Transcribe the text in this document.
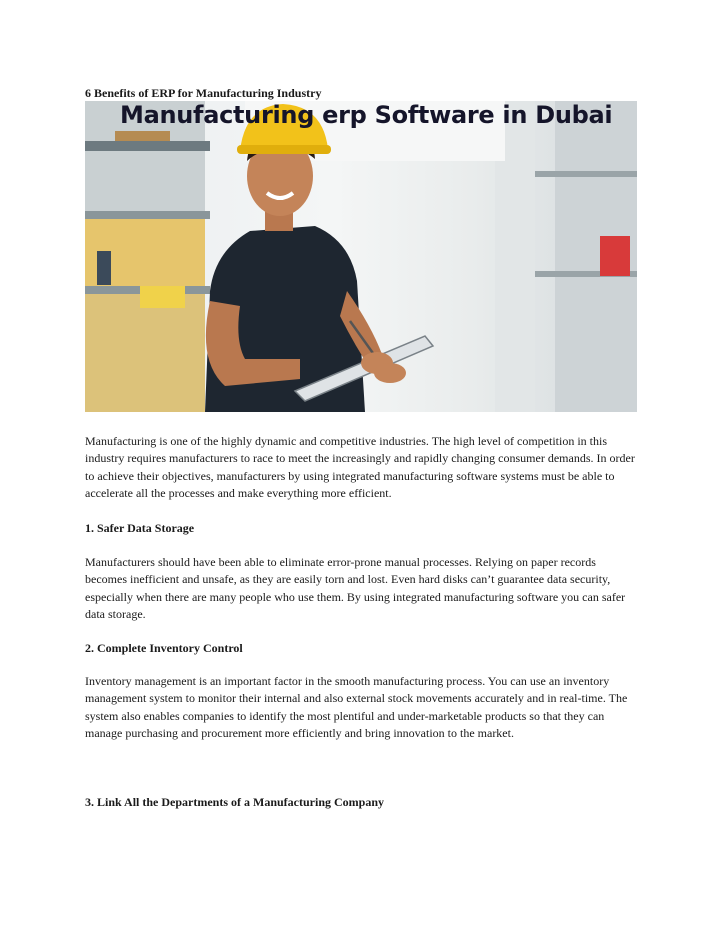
6 Benefits of ERP for Manufacturing Industry
Manufacturing erp Software in Dubai

Manufacturing is one of the highly dynamic and competitive industries. The high level of competition in this industry requires manufacturers to race to meet the increasingly and rapidly changing consumer demands. In order to achieve their objectives, manufacturers by using integrated manufacturing software systems must be able to accelerate all the processes and make everything more efficient.

1. Safer Data Storage

Manufacturers should have been able to eliminate error-prone manual processes. Relying on paper records becomes inefficient and unsafe, as they are easily torn and lost. Even hard disks can’t guarantee data security, especially when there are many people who use them. By using integrated manufacturing software you can safer data storage.

2. Complete Inventory Control

Inventory management is an important factor in the smooth manufacturing process. You can use an inventory management system to monitor their internal and also external stock movements accurately and in real-time. The system also enables companies to identify the most plentiful and under-marketable products so that they can manage purchasing and procurement more efficiently and bring innovation to the market.

3. Link All the Departments of a Manufacturing Company
